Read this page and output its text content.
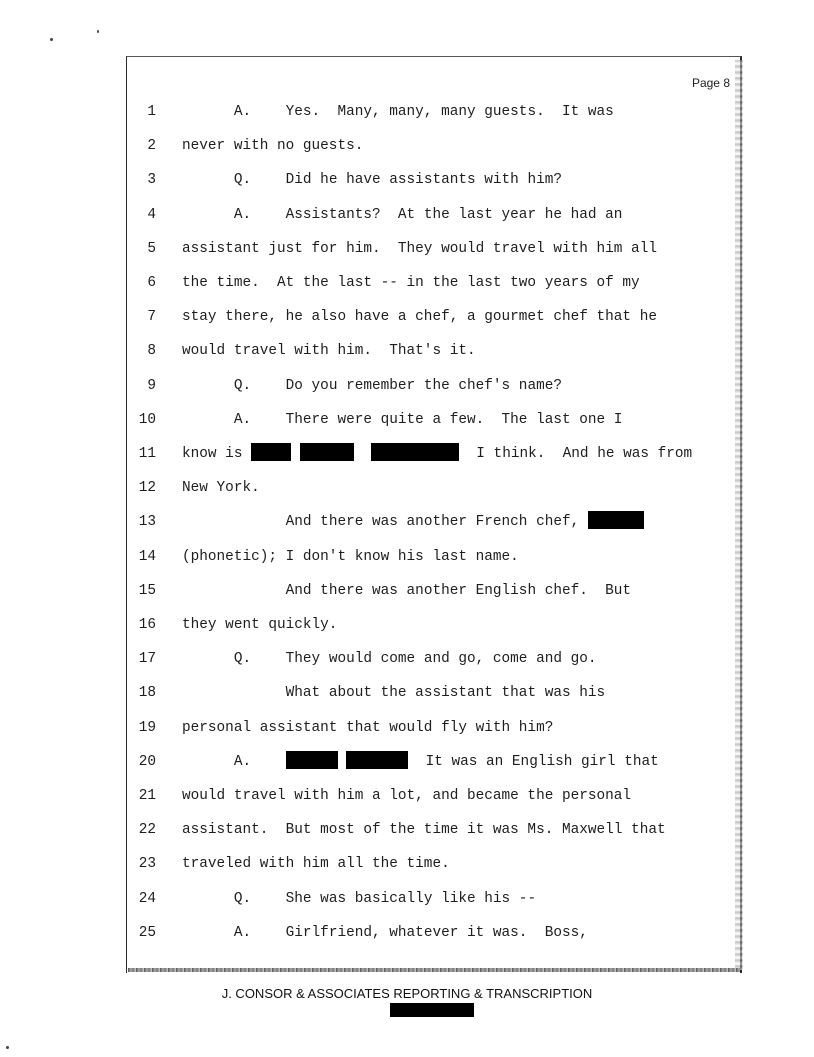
Page 8
1	A.    Yes.  Many, many, many guests.  It was
2 never with no guests.
3	Q.    Did he have assistants with him?
4	A.    Assistants?  At the last year he had an
5 assistant just for him.  They would travel with him all
6 the time.  At the last -- in the last two years of my
7 stay there, he also have a chef, a gourmet chef that he
8 would travel with him.  That's it.
9	Q.    Do you remember the chef's name?
10	A.    There were quite a few.  The last one I
11 know is	I think.  And he was from
12 New York.
13	And there was another French chef,
14 (phonetic); I don't know his last name.
15	And there was another English chef.  But
16 they went quickly.
17	Q.    They would come and go, come and go.
18	What about the assistant that was his
19 personal assistant that would fly with him?
20	A.	It was an English girl that
21 would travel with him a lot, and became the personal
22 assistant.  But most of the time it was Ms. Maxwell that
23 traveled with him all the time.
24	Q.    She was basically like his --
25	A.    Girlfriend, whatever it was.  Boss,
J. CONSOR & ASSOCIATES REPORTING & TRANSCRIPTION
